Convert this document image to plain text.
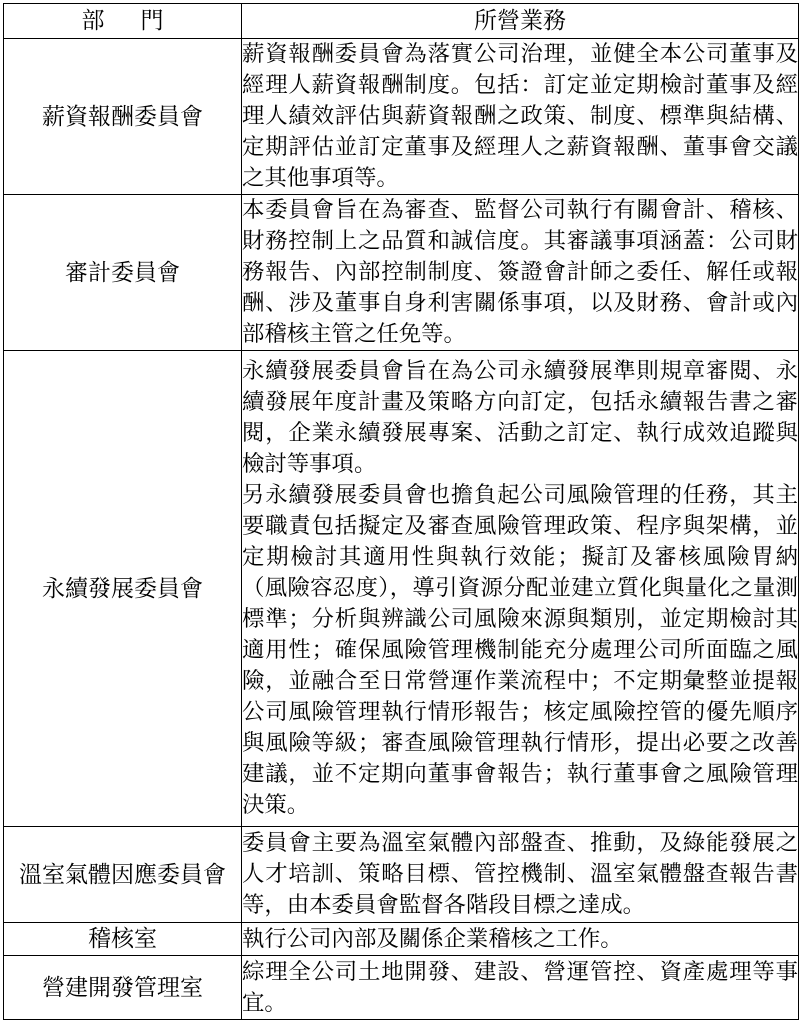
部門	所營業務
薪資報酬委員會	薪資報酬委員會為落實公司治理，並健全本公司董事及經理人薪資報酬制度。包括：訂定並定期檢討董事及經理人績效評估與薪資報酬之政策、制度、標準與結構、定期評估並訂定董事及經理人之薪資報酬、董事會交議之其他事項等。

審計委員會	本委員會旨在為審查、監督公司執行有關會計、稽核、財務控制上之品質和誠信度。其審議事項涵蓋：公司財務報告、內部控制制度、簽證會計師之委任、解任或報酬、涉及董事自身利害關係事項，以及財務、會計或內部稽核主管之任免等。

永續發展委員會	永續發展委員會旨在為公司永續發展準則規章審閱、永續發展年度計畫及策略方向訂定，包括永續報告書之審閱，企業永續發展專案、活動之訂定、執行成效追蹤與檢討等事項。
另永續發展委員會也擔負起公司風險管理的任務，其主要職責包括擬定及審查風險管理政策、程序與架構，並定期檢討其適用性與執行效能；擬訂及審核風險胃納（風險容忍度），導引資源分配並建立質化與量化之量測標準；分析與辨識公司風險來源與類別，並定期檢討其適用性；確保風險管理機制能充分處理公司所面臨之風險，並融合至日常營運作業流程中；不定期彙整並提報公司風險管理執行情形報告；核定風險控管的優先順序與風險等級；審查風險管理執行情形，提出必要之改善建議，並不定期向董事會報告；執行董事會之風險管理決策。

溫室氣體因應委員會	委員會主要為溫室氣體內部盤查、推動，及綠能發展之人才培訓、策略目標、管控機制、溫室氣體盤查報告書等，由本委員會監督各階段目標之達成。

稽核室	執行公司內部及關係企業稽核之工作。

營建開發管理室	綜理全公司土地開發、建設、營運管控、資產處理等事宜。
